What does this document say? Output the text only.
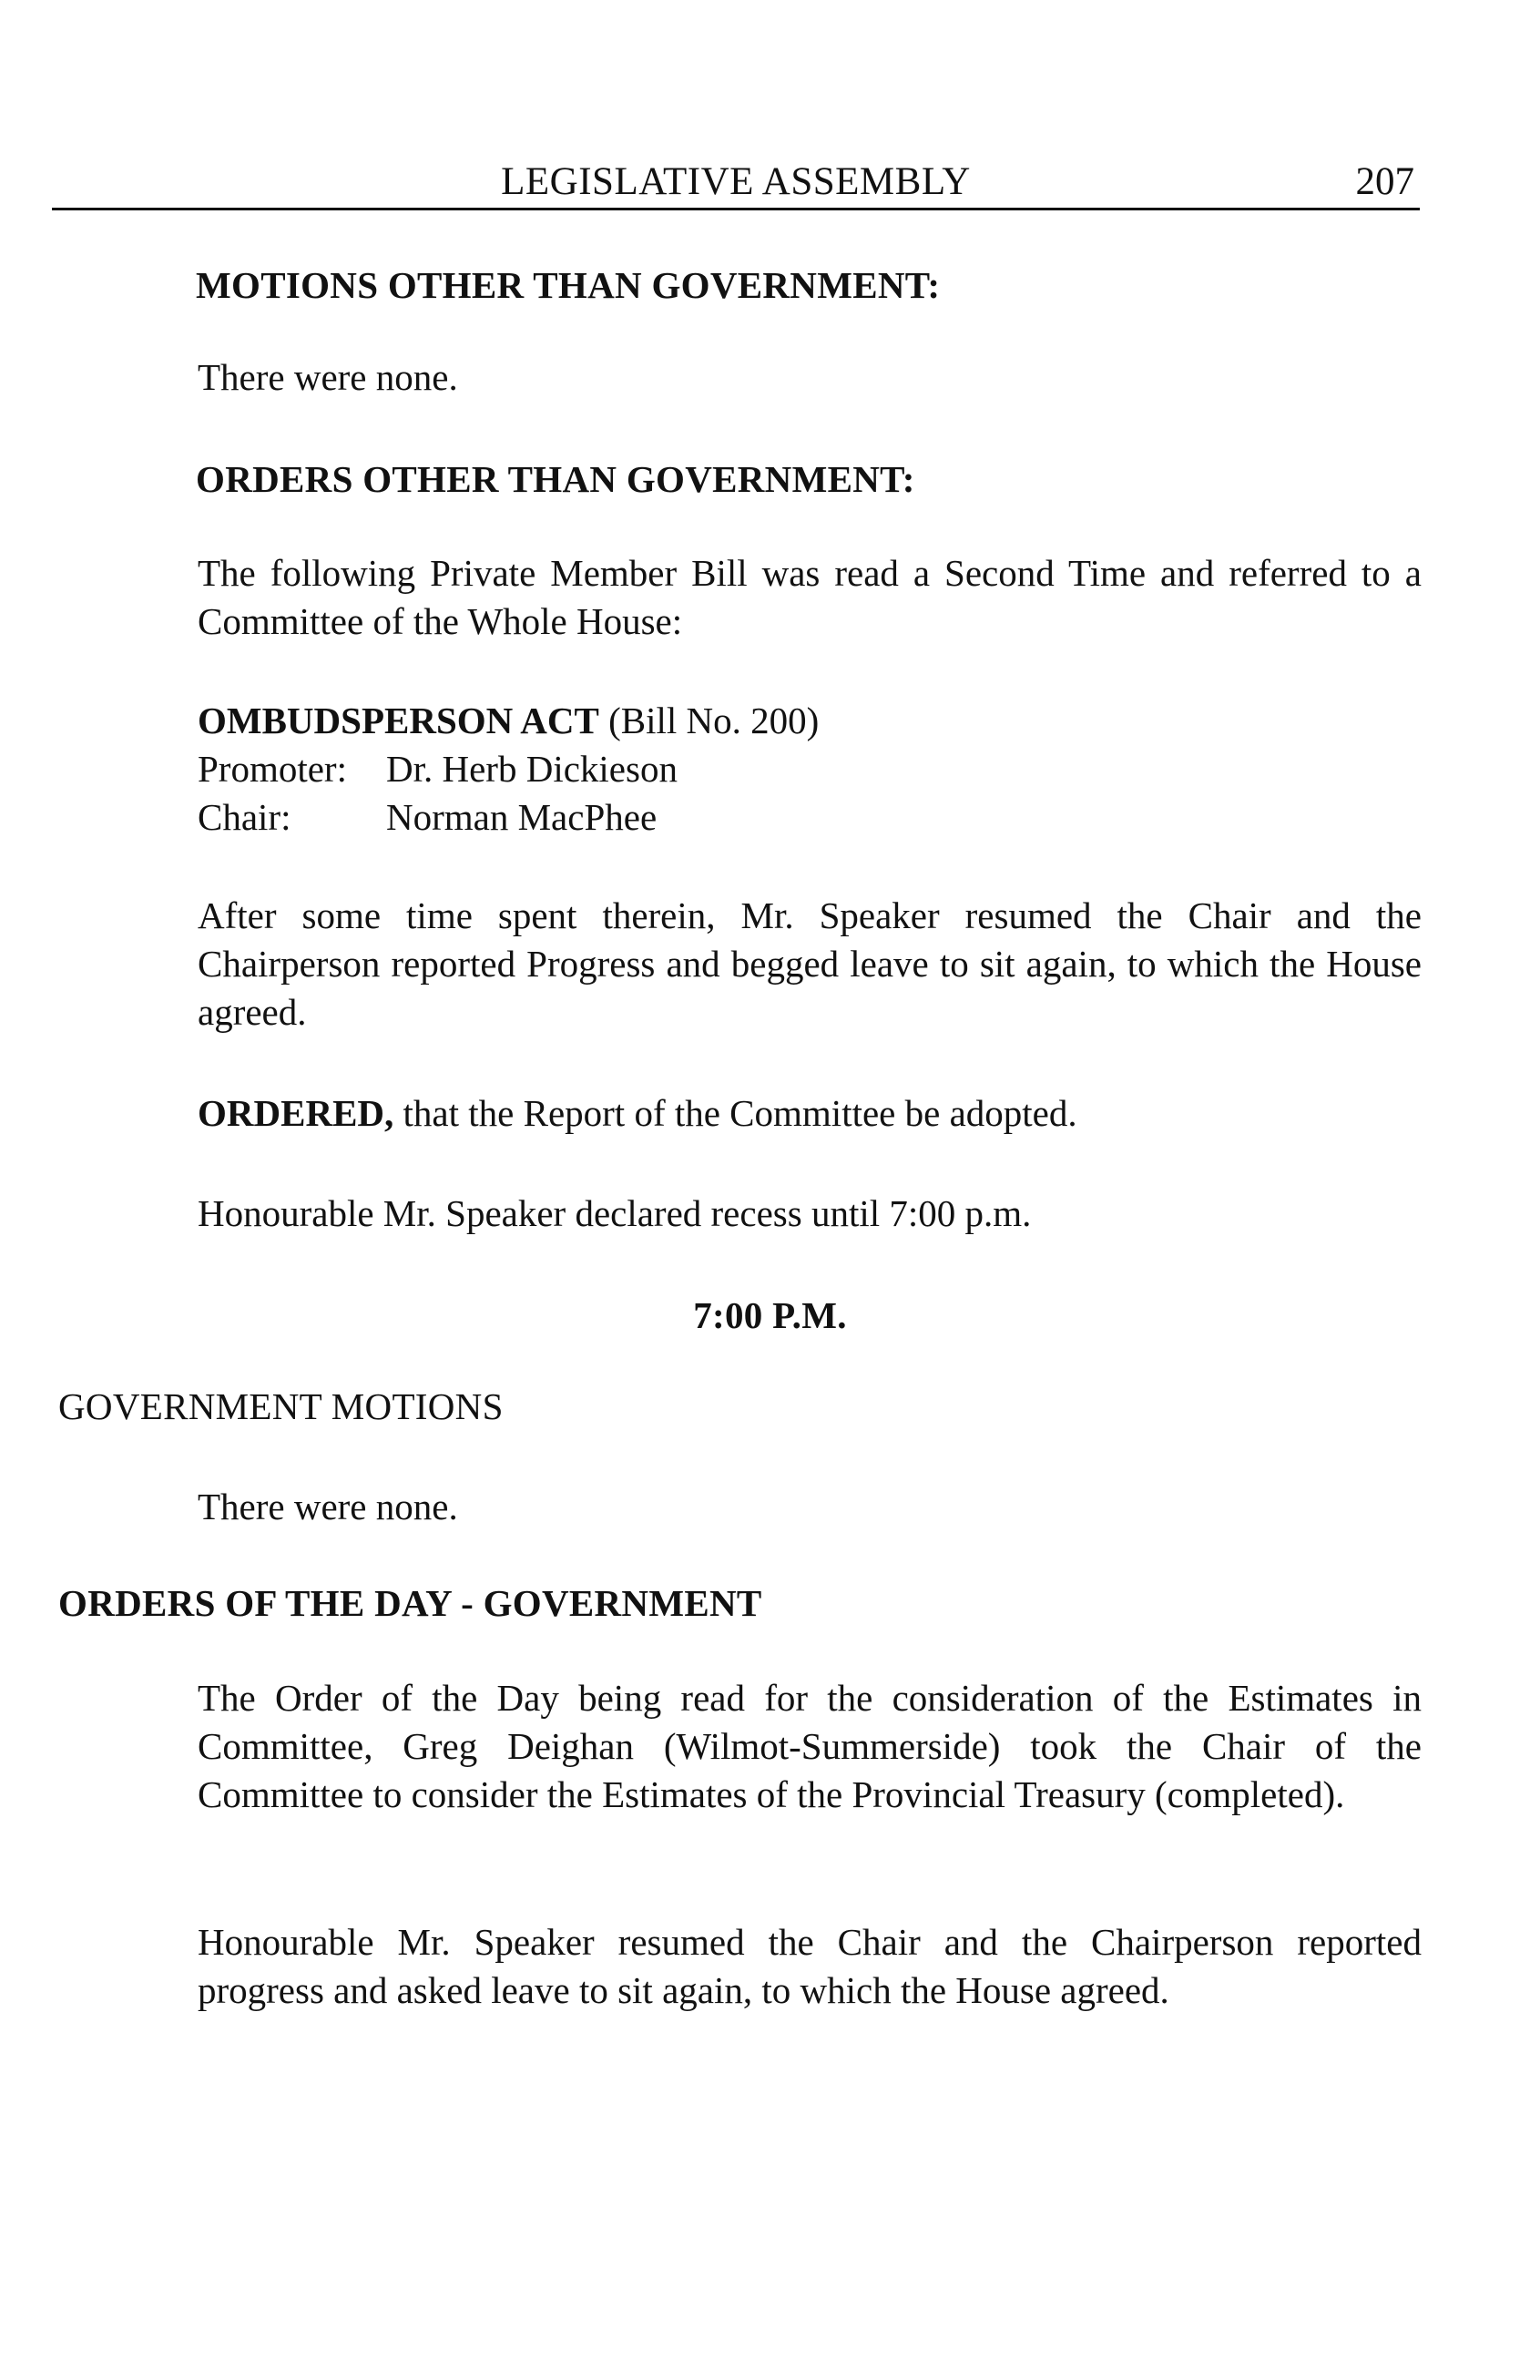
LEGISLATIVE ASSEMBLY	207
MOTIONS OTHER THAN GOVERNMENT:
There were none.
ORDERS OTHER THAN GOVERNMENT:
The following Private Member Bill was read a Second Time and referred to a Committee of the Whole House:
OMBUDSPERSON ACT (Bill No. 200)
Promoter: Dr. Herb Dickieson
Chair:	Norman MacPhee
After some time spent therein, Mr. Speaker resumed the Chair and the Chairperson reported Progress and begged leave to sit again, to which the House agreed.
ORDERED, that the Report of the Committee be adopted.
Honourable Mr. Speaker declared recess until 7:00 p.m.
7:00 P.M.
GOVERNMENT MOTIONS
There were none.
ORDERS OF THE DAY - GOVERNMENT
The Order of the Day being read for the consideration of the Estimates in Committee, Greg Deighan (Wilmot-Summerside) took the Chair of the Committee to consider the Estimates of the Provincial Treasury (completed).
Honourable Mr. Speaker resumed the Chair and the Chairperson reported progress and asked leave to sit again, to which the House agreed.
